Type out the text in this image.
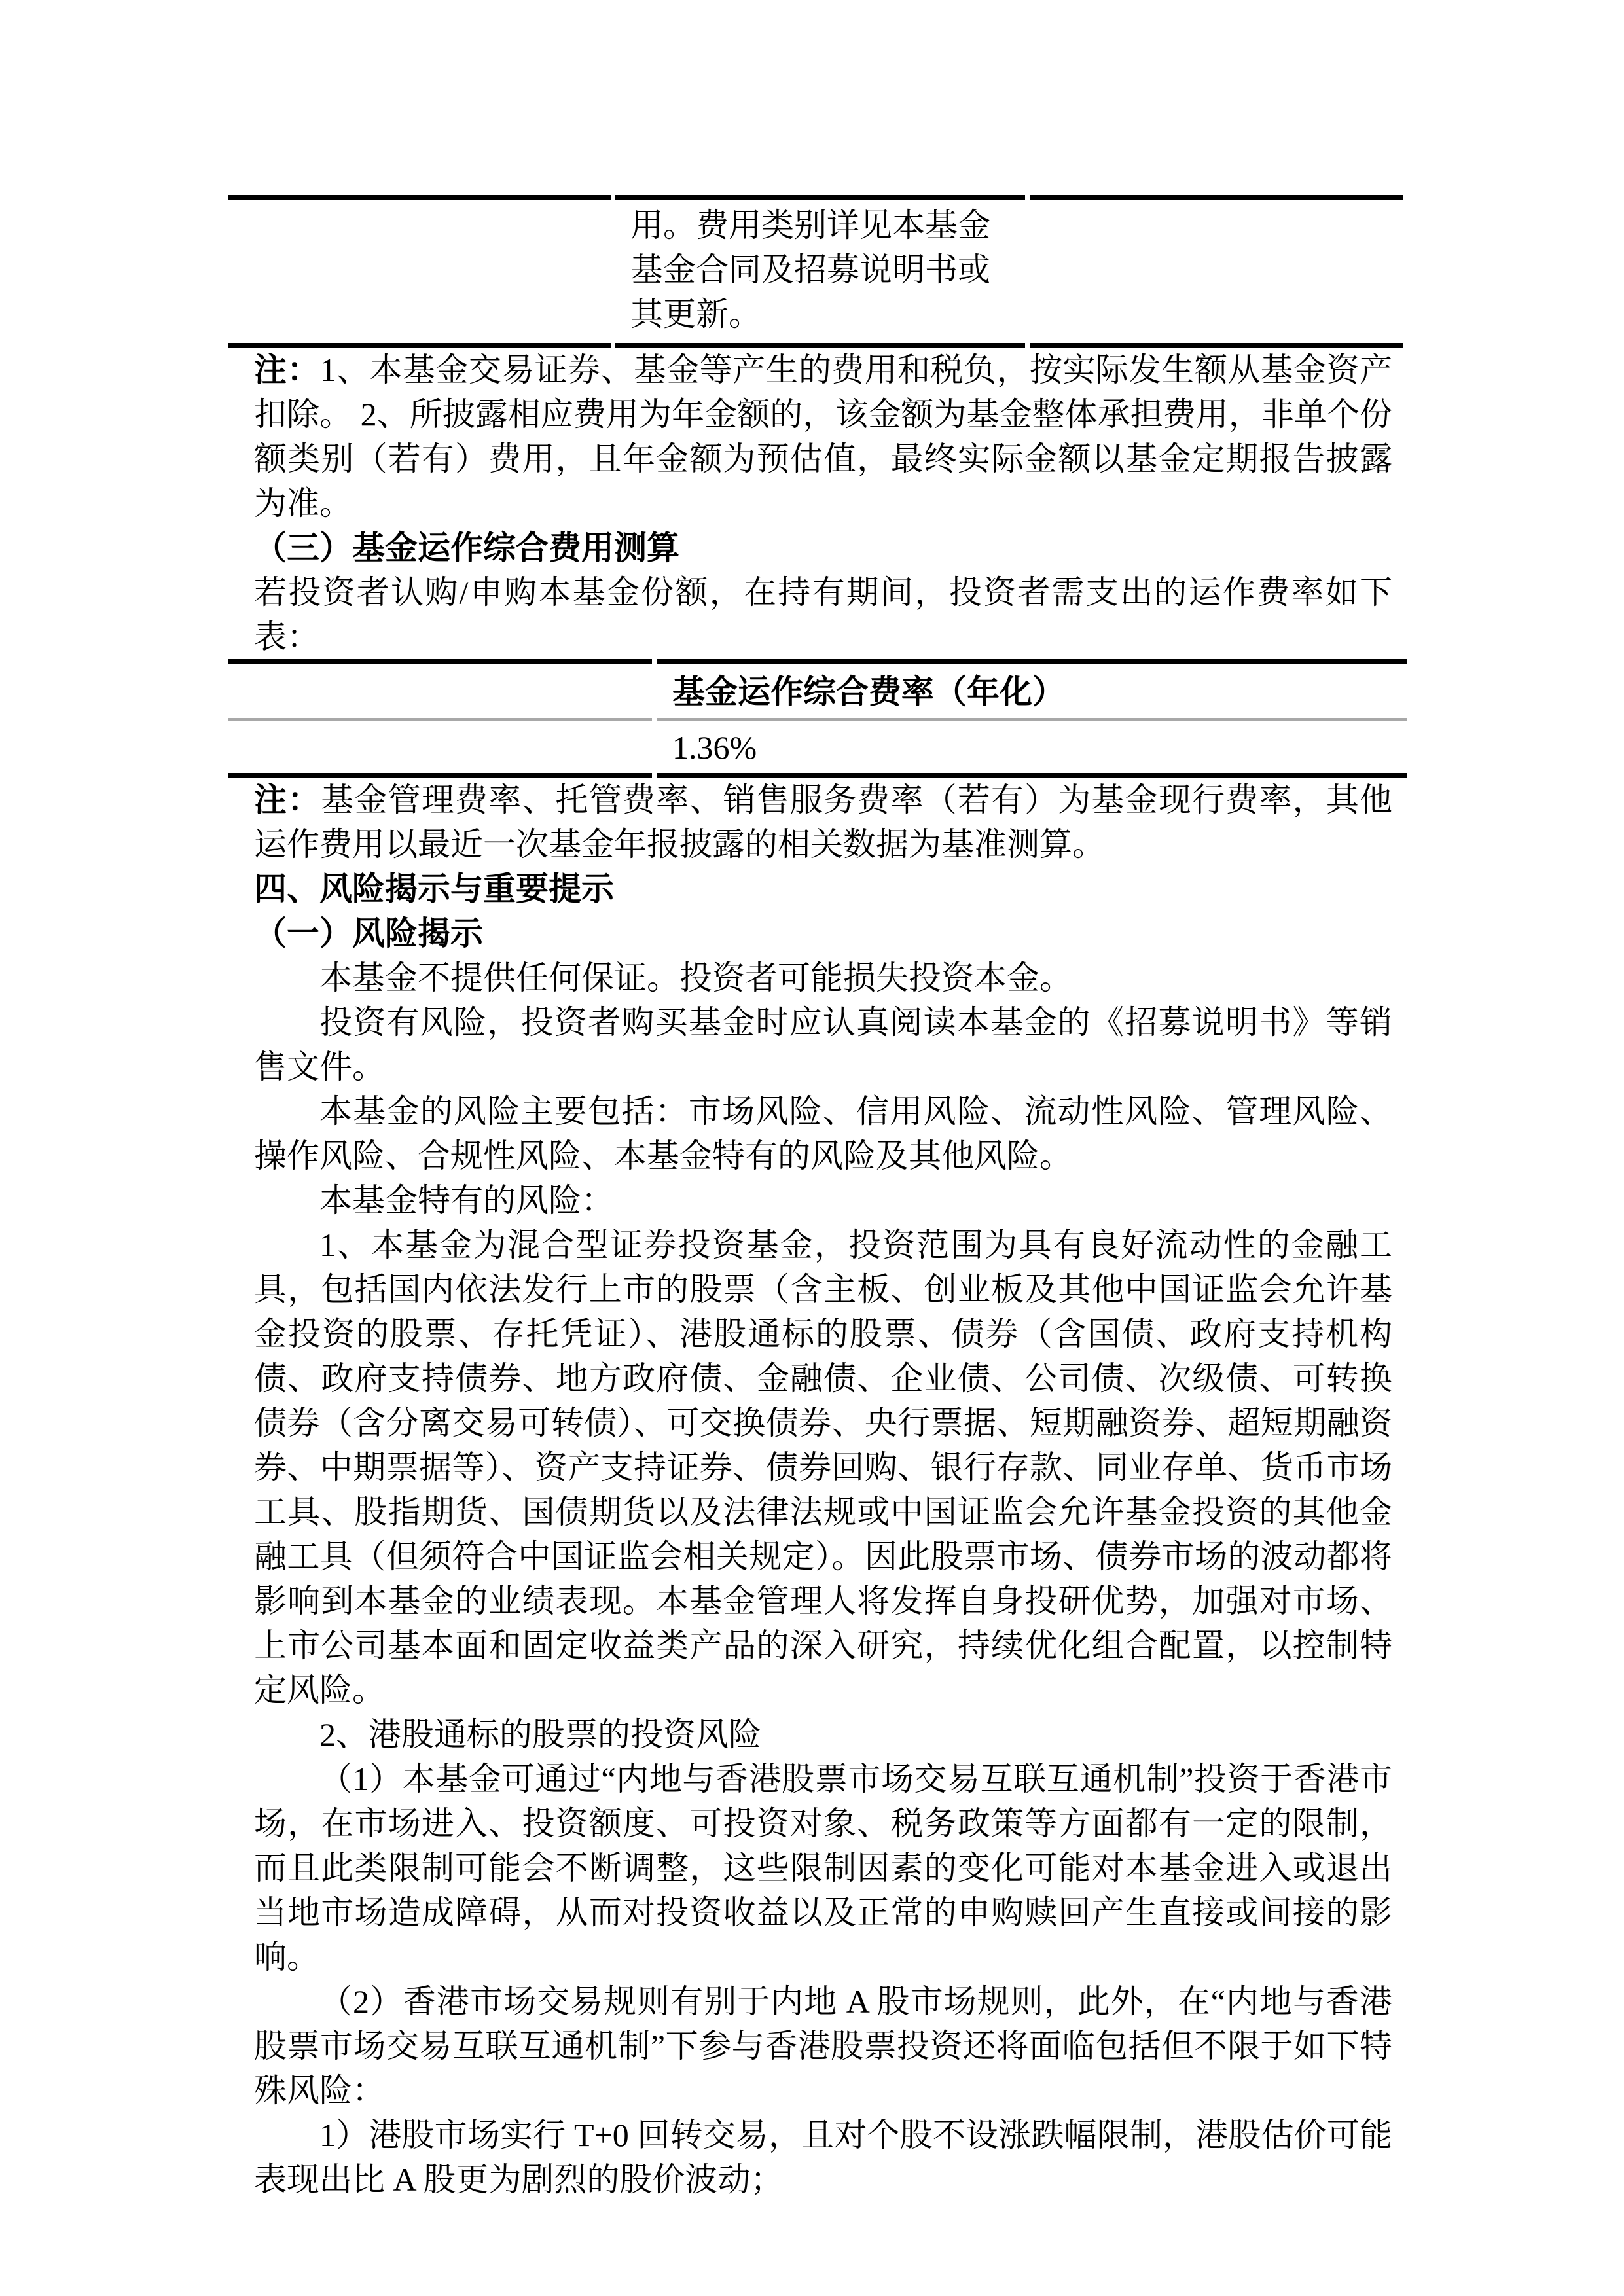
用。费用类别详见本基金
基金合同及招募说明书或
其更新。

注：1、本基金交易证券、基金等产生的费用和税负，按实际发生额从基金资产扣除。 2、所披露相应费用为年金额的，该金额为基金整体承担费用，非单个份额类别（若有）费用，且年金额为预估值，最终实际金额以基金定期报告披露为准。

（三）基金运作综合费用测算

若投资者认购/申购本基金份额，在持有期间，投资者需支出的运作费率如下表：

基金运作综合费率（年化）
1.36%

注：基金管理费率、托管费率、销售服务费率（若有）为基金现行费率，其他运作费用以最近一次基金年报披露的相关数据为基准测算。

四、风险揭示与重要提示

（一）风险揭示

本基金不提供任何保证。投资者可能损失投资本金。

投资有风险，投资者购买基金时应认真阅读本基金的《招募说明书》等销售文件。

本基金的风险主要包括：市场风险、信用风险、流动性风险、管理风险、操作风险、合规性风险、本基金特有的风险及其他风险。

本基金特有的风险：

1、本基金为混合型证券投资基金，投资范围为具有良好流动性的金融工具，包括国内依法发行上市的股票（含主板、创业板及其他中国证监会允许基金投资的股票、存托凭证）、港股通标的股票、债券（含国债、政府支持机构债、政府支持债券、地方政府债、金融债、企业债、公司债、次级债、可转换债券（含分离交易可转债）、可交换债券、央行票据、短期融资券、超短期融资券、中期票据等）、资产支持证券、债券回购、银行存款、同业存单、货币市场工具、股指期货、国债期货以及法律法规或中国证监会允许基金投资的其他金融工具（但须符合中国证监会相关规定）。因此股票市场、债券市场的波动都将影响到本基金的业绩表现。本基金管理人将发挥自身投研优势，加强对市场、上市公司基本面和固定收益类产品的深入研究，持续优化组合配置，以控制特定风险。

2、港股通标的股票的投资风险

（1）本基金可通过“内地与香港股票市场交易互联互通机制”投资于香港市场，在市场进入、投资额度、可投资对象、税务政策等方面都有一定的限制，而且此类限制可能会不断调整，这些限制因素的变化可能对本基金进入或退出当地市场造成障碍，从而对投资收益以及正常的申购赎回产生直接或间接的影响。

（2）香港市场交易规则有别于内地 A 股市场规则，此外，在“内地与香港股票市场交易互联互通机制”下参与香港股票投资还将面临包括但不限于如下特殊风险：

1）港股市场实行 T+0 回转交易，且对个股不设涨跌幅限制，港股估价可能表现出比 A 股更为剧烈的股价波动；
